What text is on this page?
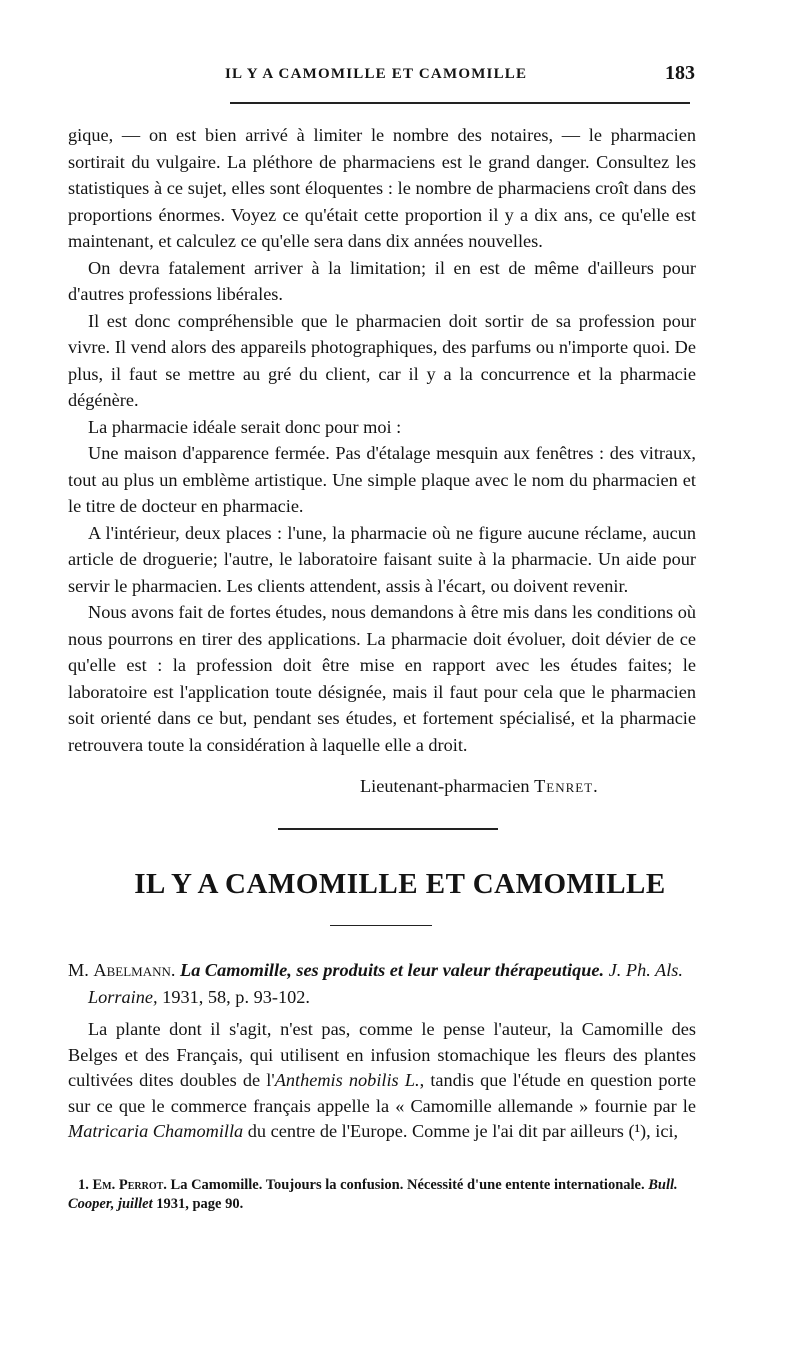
IL Y A CAMOMILLE ET CAMOMILLE	183

gique, — on est bien arrivé à limiter le nombre des notaires, — le pharmacien sortirait du vulgaire. La pléthore de pharmaciens est le grand danger. Consultez les statistiques à ce sujet, elles sont éloquentes : le nombre de pharmaciens croît dans des proportions énormes. Voyez ce qu'était cette proportion il y a dix ans, ce qu'elle est maintenant, et calculez ce qu'elle sera dans dix années nouvelles.

On devra fatalement arriver à la limitation; il en est de même d'ailleurs pour d'autres professions libérales.

Il est donc compréhensible que le pharmacien doit sortir de sa profession pour vivre. Il vend alors des appareils photographiques, des parfums ou n'importe quoi. De plus, il faut se mettre au gré du client, car il y a la concurrence et la pharmacie dégénère.

La pharmacie idéale serait donc pour moi :

Une maison d'apparence fermée. Pas d'étalage mesquin aux fenêtres : des vitraux, tout au plus un emblème artistique. Une simple plaque avec le nom du pharmacien et le titre de docteur en pharmacie.

A l'intérieur, deux places : l'une, la pharmacie où ne figure aucune réclame, aucun article de droguerie; l'autre, le laboratoire faisant suite à la pharmacie. Un aide pour servir le pharmacien. Les clients attendent, assis à l'écart, ou doivent revenir.

Nous avons fait de fortes études, nous demandons à être mis dans les conditions où nous pourrons en tirer des applications. La pharmacie doit évoluer, doit dévier de ce qu'elle est : la profession doit être mise en rapport avec les études faites; le laboratoire est l'application toute désignée, mais il faut pour cela que le pharmacien soit orienté dans ce but, pendant ses études, et fortement spécialisé, et la pharmacie retrouvera toute la considération à laquelle elle a droit.

Lieutenant-pharmacien Tenret.
IL Y A CAMOMILLE ET CAMOMILLE
M. Abelmann. La Camomille, ses produits et leur valeur thérapeutique. J. Ph. Als. Lorraine, 1931, 58, p. 93-102.

La plante dont il s'agit, n'est pas, comme le pense l'auteur, la Camomille des Belges et des Français, qui utilisent en infusion stomachique les fleurs des plantes cultivées dites doubles de l'Anthemis nobilis L., tandis que l'étude en question porte sur ce que le commerce français appelle la « Camomille allemande » fournie par le Matricaria Chamomilla du centre de l'Europe. Comme je l'ai dit par ailleurs (¹), ici,

1. Em. Perrot. La Camomille. Toujours la confusion. Nécessité d'une entente internationale. Bull. Cooper, juillet 1931, page 90.
